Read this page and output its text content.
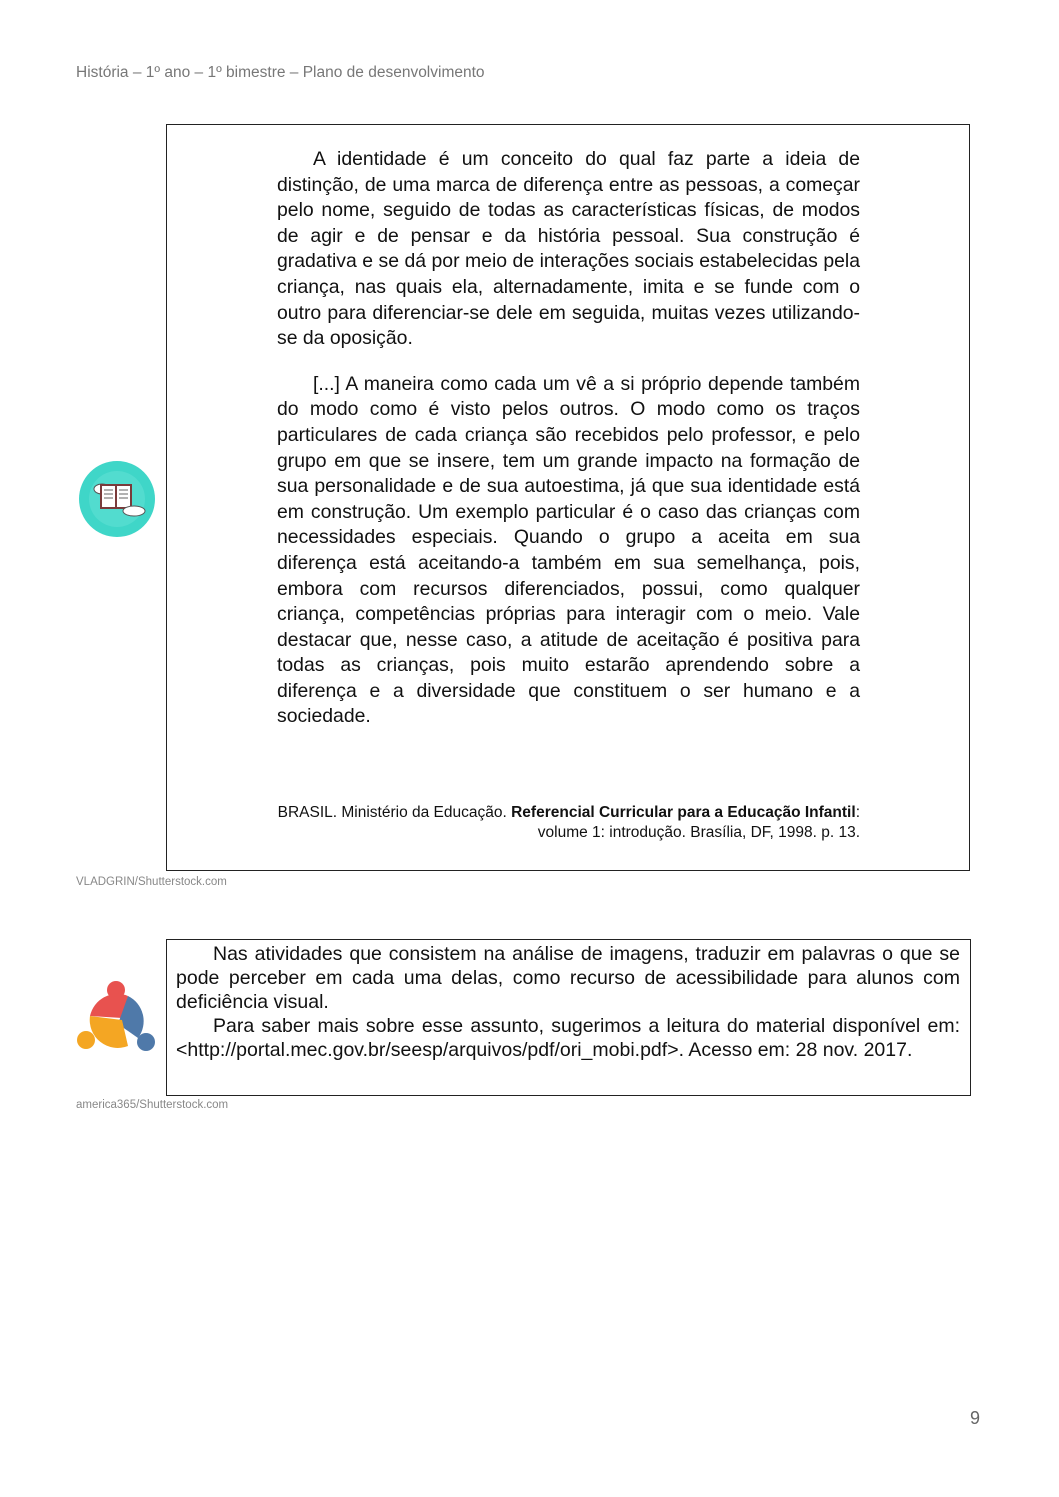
História – 1º ano – 1º bimestre – Plano de desenvolvimento

A identidade é um conceito do qual faz parte a ideia de distinção, de uma marca de diferença entre as pessoas, a começar pelo nome, seguido de todas as características físicas, de modos de agir e de pensar e da história pessoal. Sua construção é gradativa e se dá por meio de interações sociais estabelecidas pela criança, nas quais ela, alternadamente, imita e se funde com o outro para diferenciar-se dele em seguida, muitas vezes utilizando-se da oposição.

[...] A maneira como cada um vê a si próprio depende também do modo como é visto pelos outros. O modo como os traços particulares de cada criança são recebidos pelo professor, e pelo grupo em que se insere, tem um grande impacto na formação de sua personalidade e de sua autoestima, já que sua identidade está em construção. Um exemplo particular é o caso das crianças com necessidades especiais. Quando o grupo a aceita em sua diferença está aceitando-a também em sua semelhança, pois, embora com recursos diferenciados, possui, como qualquer criança, competências próprias para interagir com o meio. Vale destacar que, nesse caso, a atitude de aceitação é positiva para todas as crianças, pois muito estarão aprendendo sobre a diferença e a diversidade que constituem o ser humano e a sociedade.

BRASIL. Ministério da Educação. Referencial Curricular para a Educação Infantil: volume 1: introdução. Brasília, DF, 1998. p. 13.
VLADGRIN/Shutterstock.com

Nas atividades que consistem na análise de imagens, traduzir em palavras o que se pode perceber em cada uma delas, como recurso de acessibilidade para alunos com deficiência visual.

Para saber mais sobre esse assunto, sugerimos a leitura do material disponível em: <http://portal.mec.gov.br/seesp/arquivos/pdf/ori_mobi.pdf>. Acesso em: 28 nov. 2017.

america365/Shutterstock.com
9
